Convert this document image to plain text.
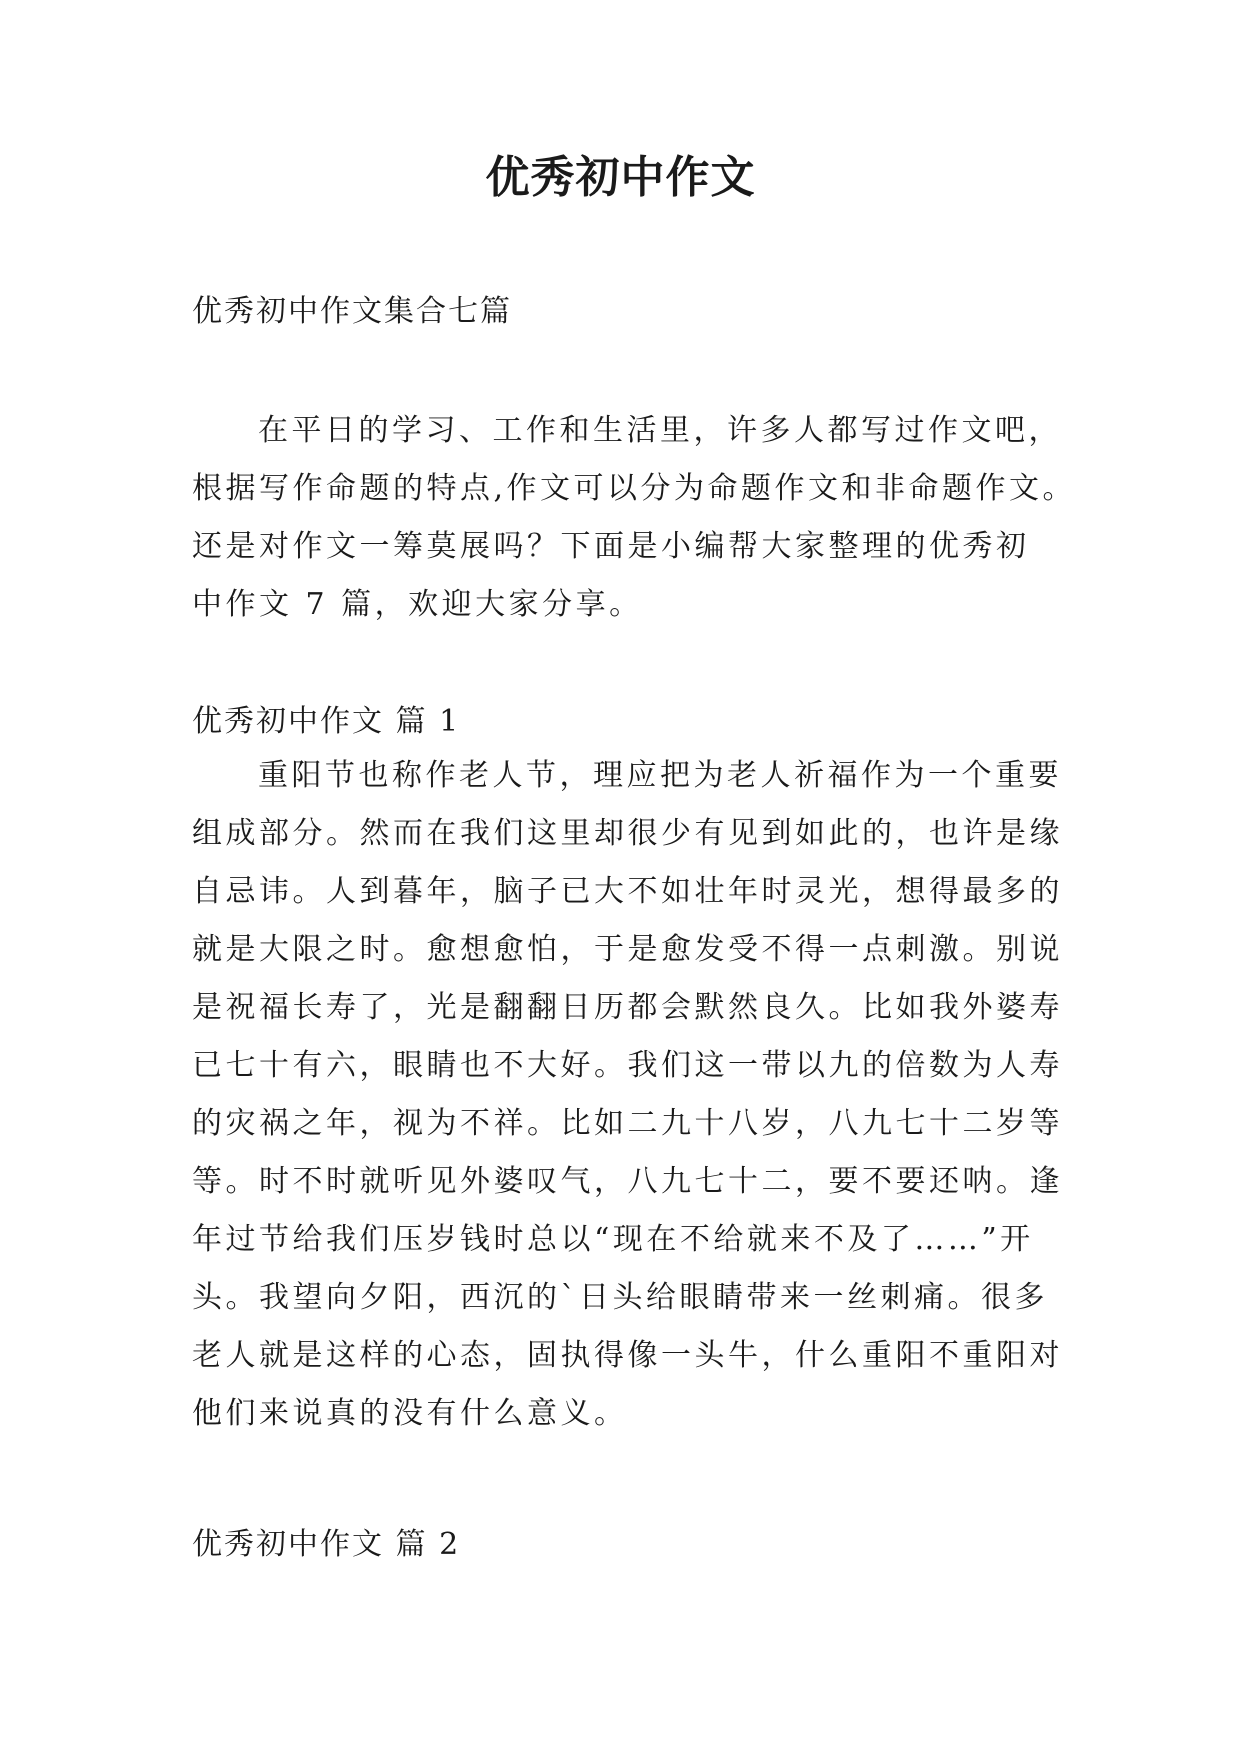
优秀初中作文
优秀初中作文集合七篇
在平日的学习、工作和生活里，许多人都写过作文吧，
根据写作命题的特点,作文可以分为命题作文和非命题作文。
还是对作文一筹莫展吗？下面是小编帮大家整理的优秀初
中作文 7 篇，欢迎大家分享。
优秀初中作文 篇 1
重阳节也称作老人节，理应把为老人祈福作为一个重要
组成部分。然而在我们这里却很少有见到如此的，也许是缘
自忌讳。人到暮年，脑子已大不如壮年时灵光，想得最多的
就是大限之时。愈想愈怕，于是愈发受不得一点刺激。别说
是祝福长寿了，光是翻翻日历都会默然良久。比如我外婆寿
已七十有六，眼睛也不大好。我们这一带以九的倍数为人寿
的灾祸之年，视为不祥。比如二九十八岁，八九七十二岁等
等。时不时就听见外婆叹气，八九七十二，要不要还呐。逢
年过节给我们压岁钱时总以“现在不给就来不及了……”开
头。我望向夕阳，西沉的`日头给眼睛带来一丝刺痛。很多
老人就是这样的心态，固执得像一头牛，什么重阳不重阳对
他们来说真的没有什么意义。
优秀初中作文 篇 2
